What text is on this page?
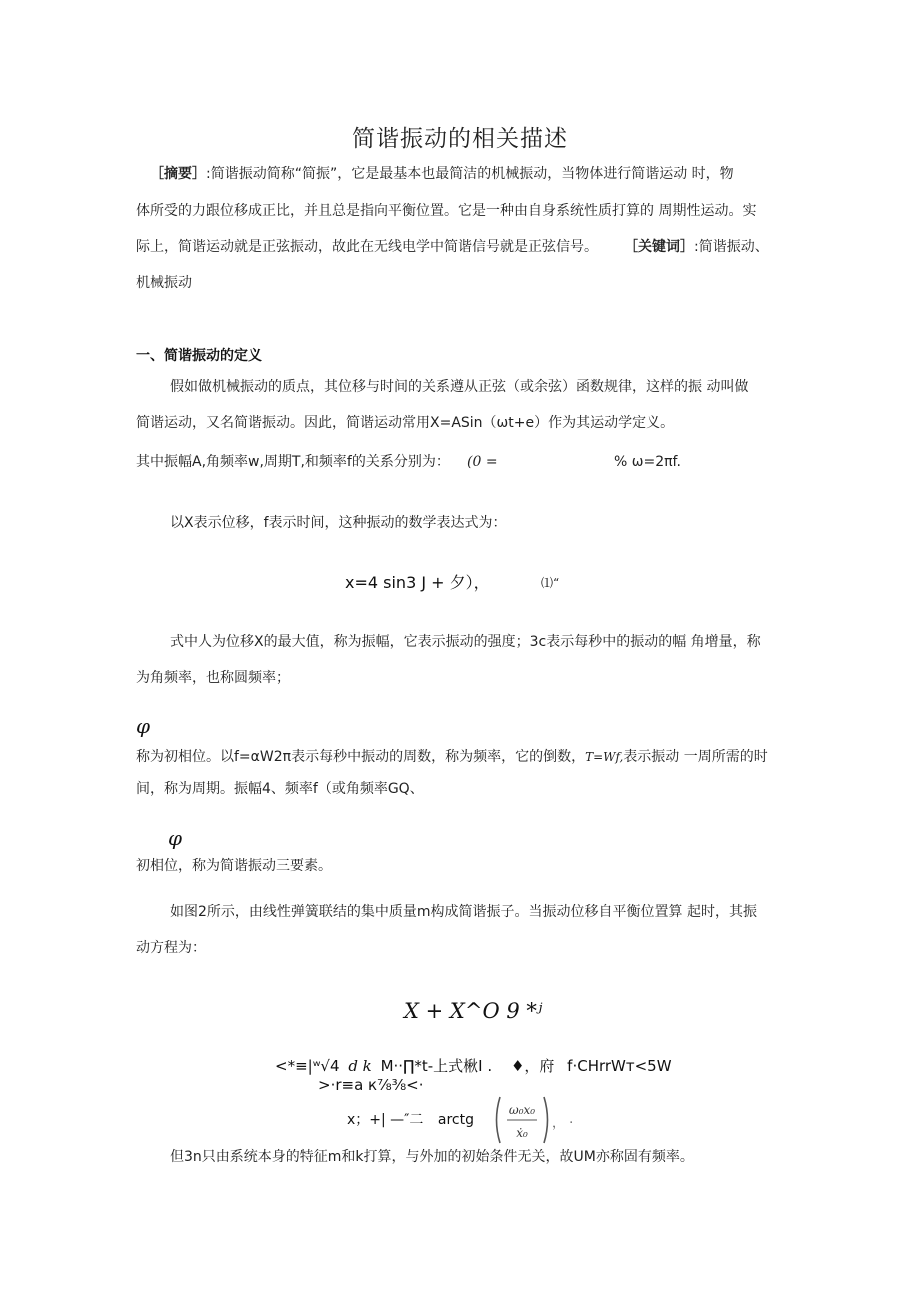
简谐振动的相关描述
［摘要］:简谐振动简称“简振”，它是最基本也最简洁的机械振动，当物体进行简谐运动 时，物
体所受的力跟位移成正比，并且总是指向平衡位置。它是一种由自身系统性质打算的 周期性运动。实
际上，简谐运动就是正弦振动，故此在无线电学中简谐信号就是正弦信号。 ［关键词］:简谐振动、
机械振动
一、简谐振动的定义
假如做机械振动的质点，其位移与时间的关系遵从正弦（或余弦）函数规律，这样的振 动叫做
简谐运动，又名简谐振动。因此，简谐运动常用X=ASin（ωt+e）作为其运动学定义。
其中振幅A,角频率w,周期T,和频率f的关系分别为： (0 =	% ω=2πf.
以X表示位移，f表示时间，这种振动的数学表达式为：
x=4 sin3 J + 夕），	⑴“
式中人为位移X的最大值，称为振幅，它表示振动的强度；3c表示每秒中的振动的幅 角增量，称
为角频率，也称圆频率；
φ
称为初相位。以f=αW2π表示每秒中振动的周数，称为频率，它的倒数，T=Wf,表示振动 一周所需的时
间，称为周期。振幅4、频率f（或角频率GQ、
φ
初相位，称为简谐振动三要素。
如图2所示，由线性弹簧联结的集中质量m构成简谐振子。当振动位移自平衡位置算 起时，其振
动方程为：
X + X^O 9 *ʲ
<*≡|ʷ√4 d k M··∏*t-上式楸I . ♦，府 f·CHrrWт<5W
>·r≡a к⅞⅜<·
x；+| —″二 arctg
ω₀x₀
ẋ₀
， ·
但3n只由系统本身的特征m和k打算，与外加的初始条件无关，故UM亦称固有频率。
